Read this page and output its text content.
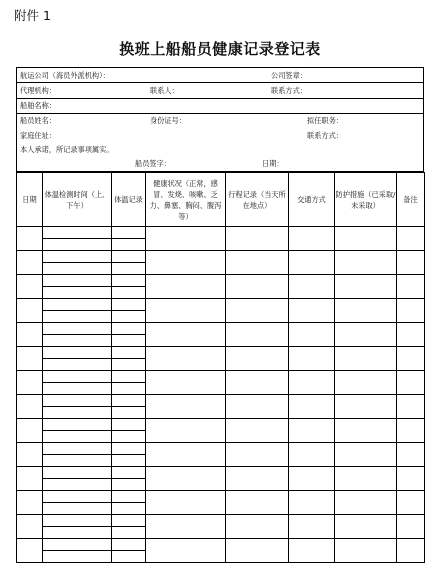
附件 1
换班上船船员健康记录登记表
航运公司（海员外派机构）：	公司签章：
代理机构：	联系人：	联系方式：
船舶名称：
船员姓名：	身份证号：	拟任职务：
家庭住址：	联系方式：
本人承诺，所记录事项属实。
船员签字：	日期：
日期	体温检测时间（上、下午）	体温记录	健康状况（正常，感冒、发烧、咳嗽、乏力、鼻塞、胸闷、腹泻等）	行程记录（当天所在地点）	交通方式	防护措施（已采取/未采取）	备注
